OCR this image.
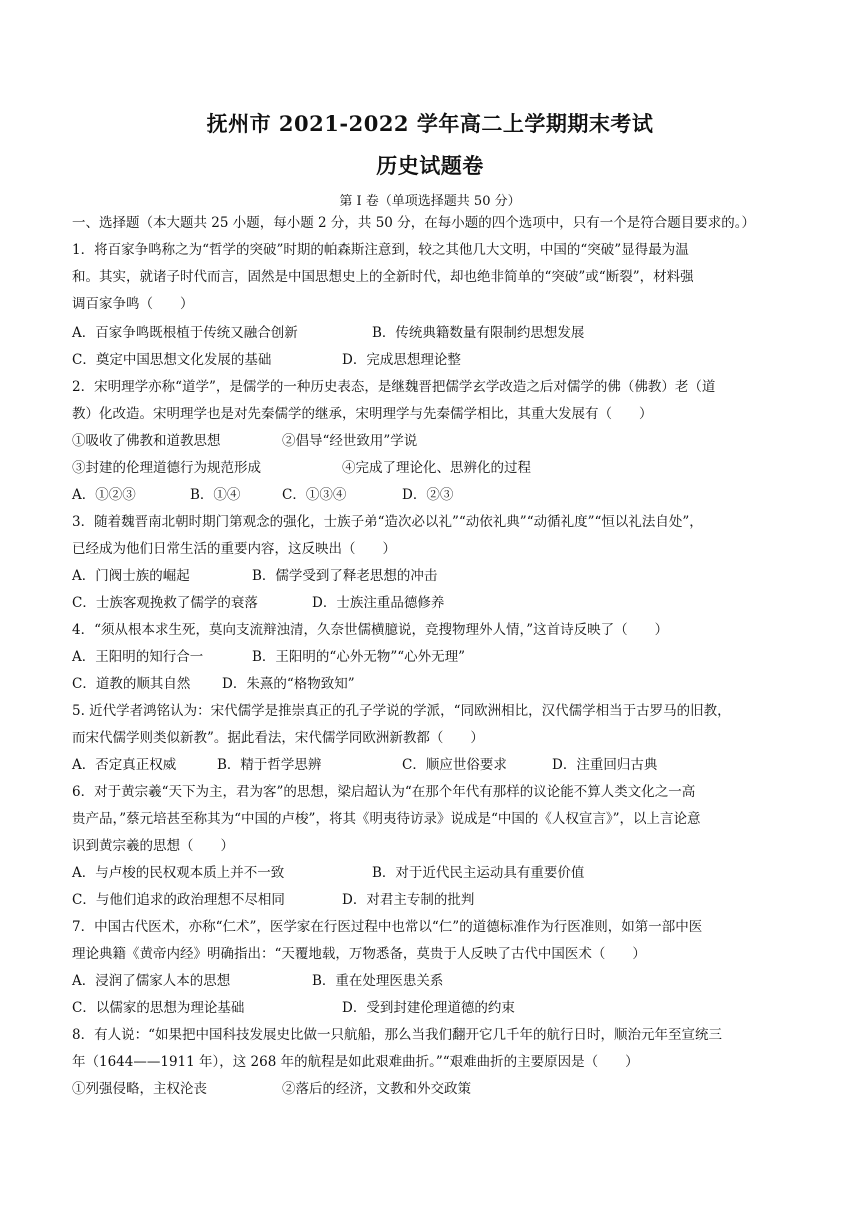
抚州市 2021-2022 学年高二上学期期末考试
历史试题卷
第 I 卷（单项选择题共 50 分）
一、选择题（本大题共 25 小题，每小题 2 分，共 50 分，在每小题的四个选项中，只有一个是符合题目要求的。）
1．将百家争鸣称之为“哲学的突破”时期的帕森斯注意到，较之其他几大文明，中国的“突破”显得最为温
和。其实，就诸子时代而言，固然是中国思想史上的全新时代，却也绝非简单的“突破”或“断裂”，材料强
调百家争鸣（　　）
A．百家争鸣既根植于传统又融合创新	B．传统典籍数量有限制约思想发展
C．奠定中国思想文化发展的基础	D．完成思想理论整
2．宋明理学亦称“道学”，是儒学的一种历史表态，是继魏晋把儒学玄学改造之后对儒学的佛（佛教）老（道
教）化改造。宋明理学也是对先秦儒学的继承，宋明理学与先秦儒学相比，其重大发展有（　　）
①吸收了佛教和道教思想	②倡导“经世致用”学说
③封建的伦理道德行为规范形成	④完成了理论化、思辨化的过程
A．①②③	B．①④	C．①③④	D．②③
3．随着魏晋南北朝时期门第观念的强化，士族子弟“造次必以礼”“动依礼典”“动循礼度”“恒以礼法自处”，
已经成为他们日常生活的重要内容，这反映出（　　）
A．门阀士族的崛起	B．儒学受到了释老思想的冲击
C．士族客观挽救了儒学的衰落	D．士族注重品德修养
4．“须从根本求生死，莫向支流辩浊清，久奈世儒横臆说，竞搜物理外人情，”这首诗反映了（　　）
A．王阳明的知行合一	B．王阳明的“心外无物”“心外无理”
C．道教的顺其自然	D．朱熹的“格物致知”
5. 近代学者鸿铭认为：宋代儒学是推崇真正的孔子学说的学派，“同欧洲相比，汉代儒学相当于古罗马的旧教，
而宋代儒学则类似新教”。据此看法，宋代儒学同欧洲新教都（　　）
A．否定真正权威	B．精于哲学思辨	C．顺应世俗要求	D．注重回归古典
6．对于黄宗羲“天下为主，君为客”的思想，梁启超认为“在那个年代有那样的议论能不算人类文化之一高
贵产品，”蔡元培甚至称其为“中国的卢梭”，将其《明夷待访录》说成是“中国的《人权宣言》”，以上言论意
识到黄宗羲的思想（　　）
A．与卢梭的民权观本质上并不一致	B．对于近代民主运动具有重要价值
C．与他们追求的政治理想不尽相同	D．对君主专制的批判
7．中国古代医术，亦称“仁术”，医学家在行医过程中也常以“仁”的道德标准作为行医准则，如第一部中医
理论典籍《黄帝内经》明确指出：“天覆地载，万物悉备，莫贵于人反映了古代中国医术（　　）
A．浸润了儒家人本的思想	B．重在处理医患关系
C．以儒家的思想为理论基础	D．受到封建伦理道德的约束
8．有人说：“如果把中国科技发展史比做一只航船，那么当我们翻开它几千年的航行日时，顺治元年至宣统三
年（1644——1911 年），这 268 年的航程是如此艰难曲折。”“艰难曲折的主要原因是（　　）
①列强侵略，主权沦丧	②落后的经济，文教和外交政策
